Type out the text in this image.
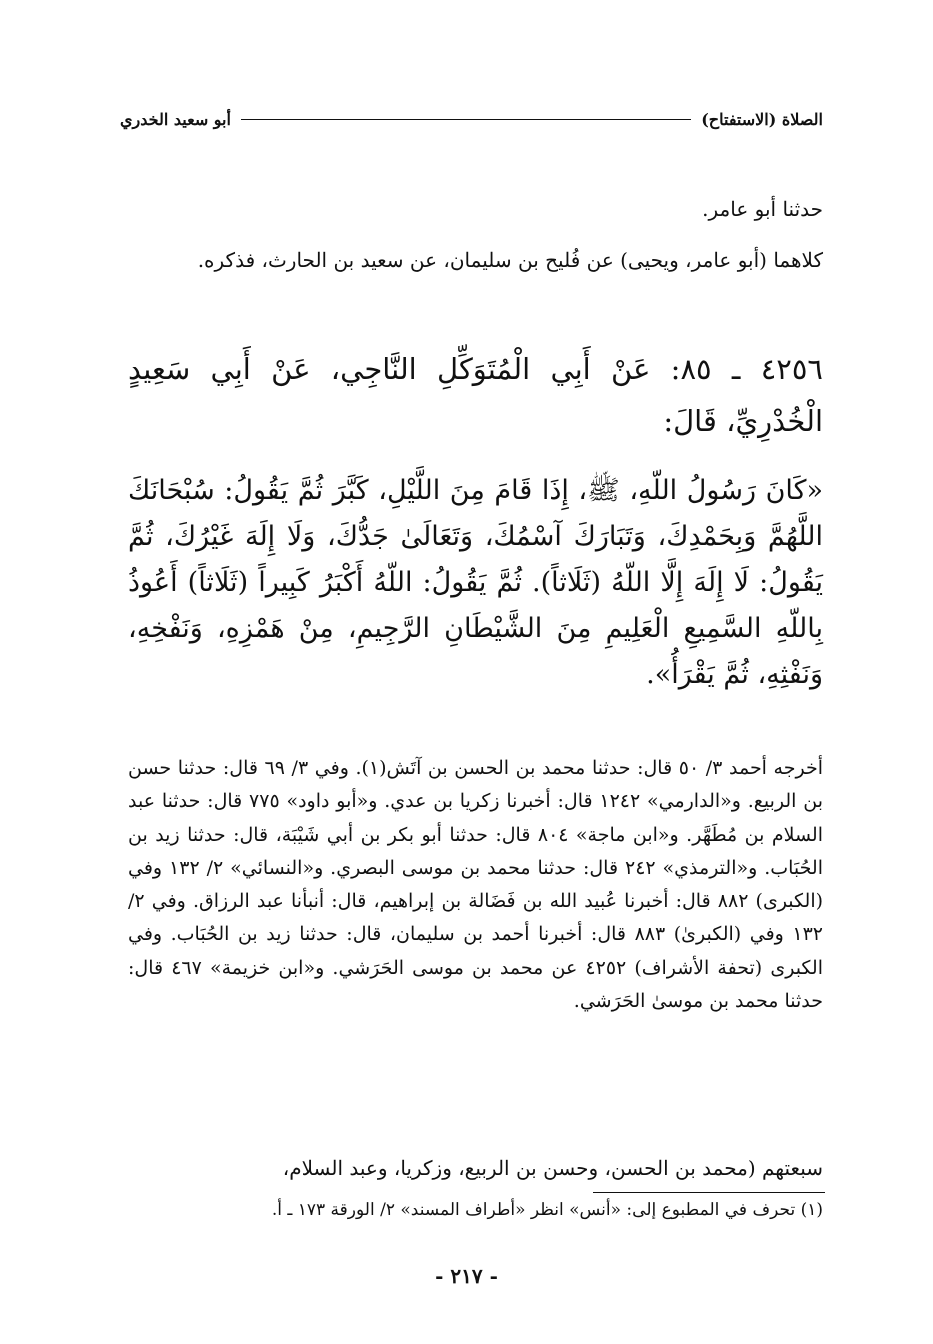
الصلاة (الاستفتاح)
أبو سعيد الخدري
حدثنا أبو عامر.
كلاهما (أبو عامر، ويحيى) عن فُليح بن سليمان، عن سعيد بن الحارث، فذكره.
٤٢٥٦ ـ ٨٥: عَنْ أَبِي الْمُتَوَكِّلِ النَّاجِي، عَنْ أَبِي سَعِيدٍ الْخُدْرِيِّ، قَالَ:
«كَانَ رَسُولُ اللّهِ، ﷺ، إِذَا قَامَ مِنَ اللَّيْلِ، كَبَّرَ ثُمَّ يَقُولُ: سُبْحَانَكَ اللَّهُمَّ وَبِحَمْدِكَ، وَتَبَارَكَ آسْمُكَ، وَتَعَالَىٰ جَدُّكَ، وَلَا إِلَهَ غَيْرُكَ، ثُمَّ يَقُولُ: لَا إِلَهَ إِلَّا اللّهُ (ثَلَاثاً). ثُمَّ يَقُولُ: اللّهُ أَكْبَرُ كَبِيراً (ثَلَاثاً) أَعُوذُ بِاللّهِ السَّمِيعِ الْعَلِيمِ مِنَ الشَّيْطَانِ الرَّجِيمِ، مِنْ هَمْزِهِ، وَنَفْخِهِ، وَنَفْثِهِ، ثُمَّ يَقْرَأُ».
أخرجه أحمد ٣/ ٥٠ قال: حدثنا محمد بن الحسن بن آتَش(١). وفي ٣/ ٦٩ قال: حدثنا حسن بن الربيع. و«الدارمي» ١٢٤٢ قال: أخبرنا زكريا بن عدي. و«أبو داود» ٧٧٥ قال: حدثنا عبد السلام بن مُطَهَّر. و«ابن ماجة» ٨٠٤ قال: حدثنا أبو بكر بن أبي شَيْبَة، قال: حدثنا زيد بن الحُبَاب. و«الترمذي» ٢٤٢ قال: حدثنا محمد بن موسى البصري. و«النسائي» ٢/ ١٣٢ وفي (الكبرى) ٨٨٢ قال: أخبرنا عُبيد الله بن فَضَالة بن إبراهيم، قال: أنبأنا عبد الرزاق. وفي ٢/ ١٣٢ وفي (الكبرىٰ) ٨٨٣ قال: أخبرنا أحمد بن سليمان، قال: حدثنا زيد بن الحُبَاب. وفي الكبرى (تحفة الأشراف) ٤٢٥٢ عن محمد بن موسى الحَرَشي. و«ابن خزيمة» ٤٦٧ قال: حدثنا محمد بن موسىٰ الحَرَشي.
سبعتهم (محمد بن الحسن، وحسن بن الربيع، وزكريا، وعبد السلام،
(١) تحرف في المطبوع إلى: «أنس» انظر «أطراف المسند» ٢/ الورقة ١٧٣ ـ أ.
- ٢١٧ -
